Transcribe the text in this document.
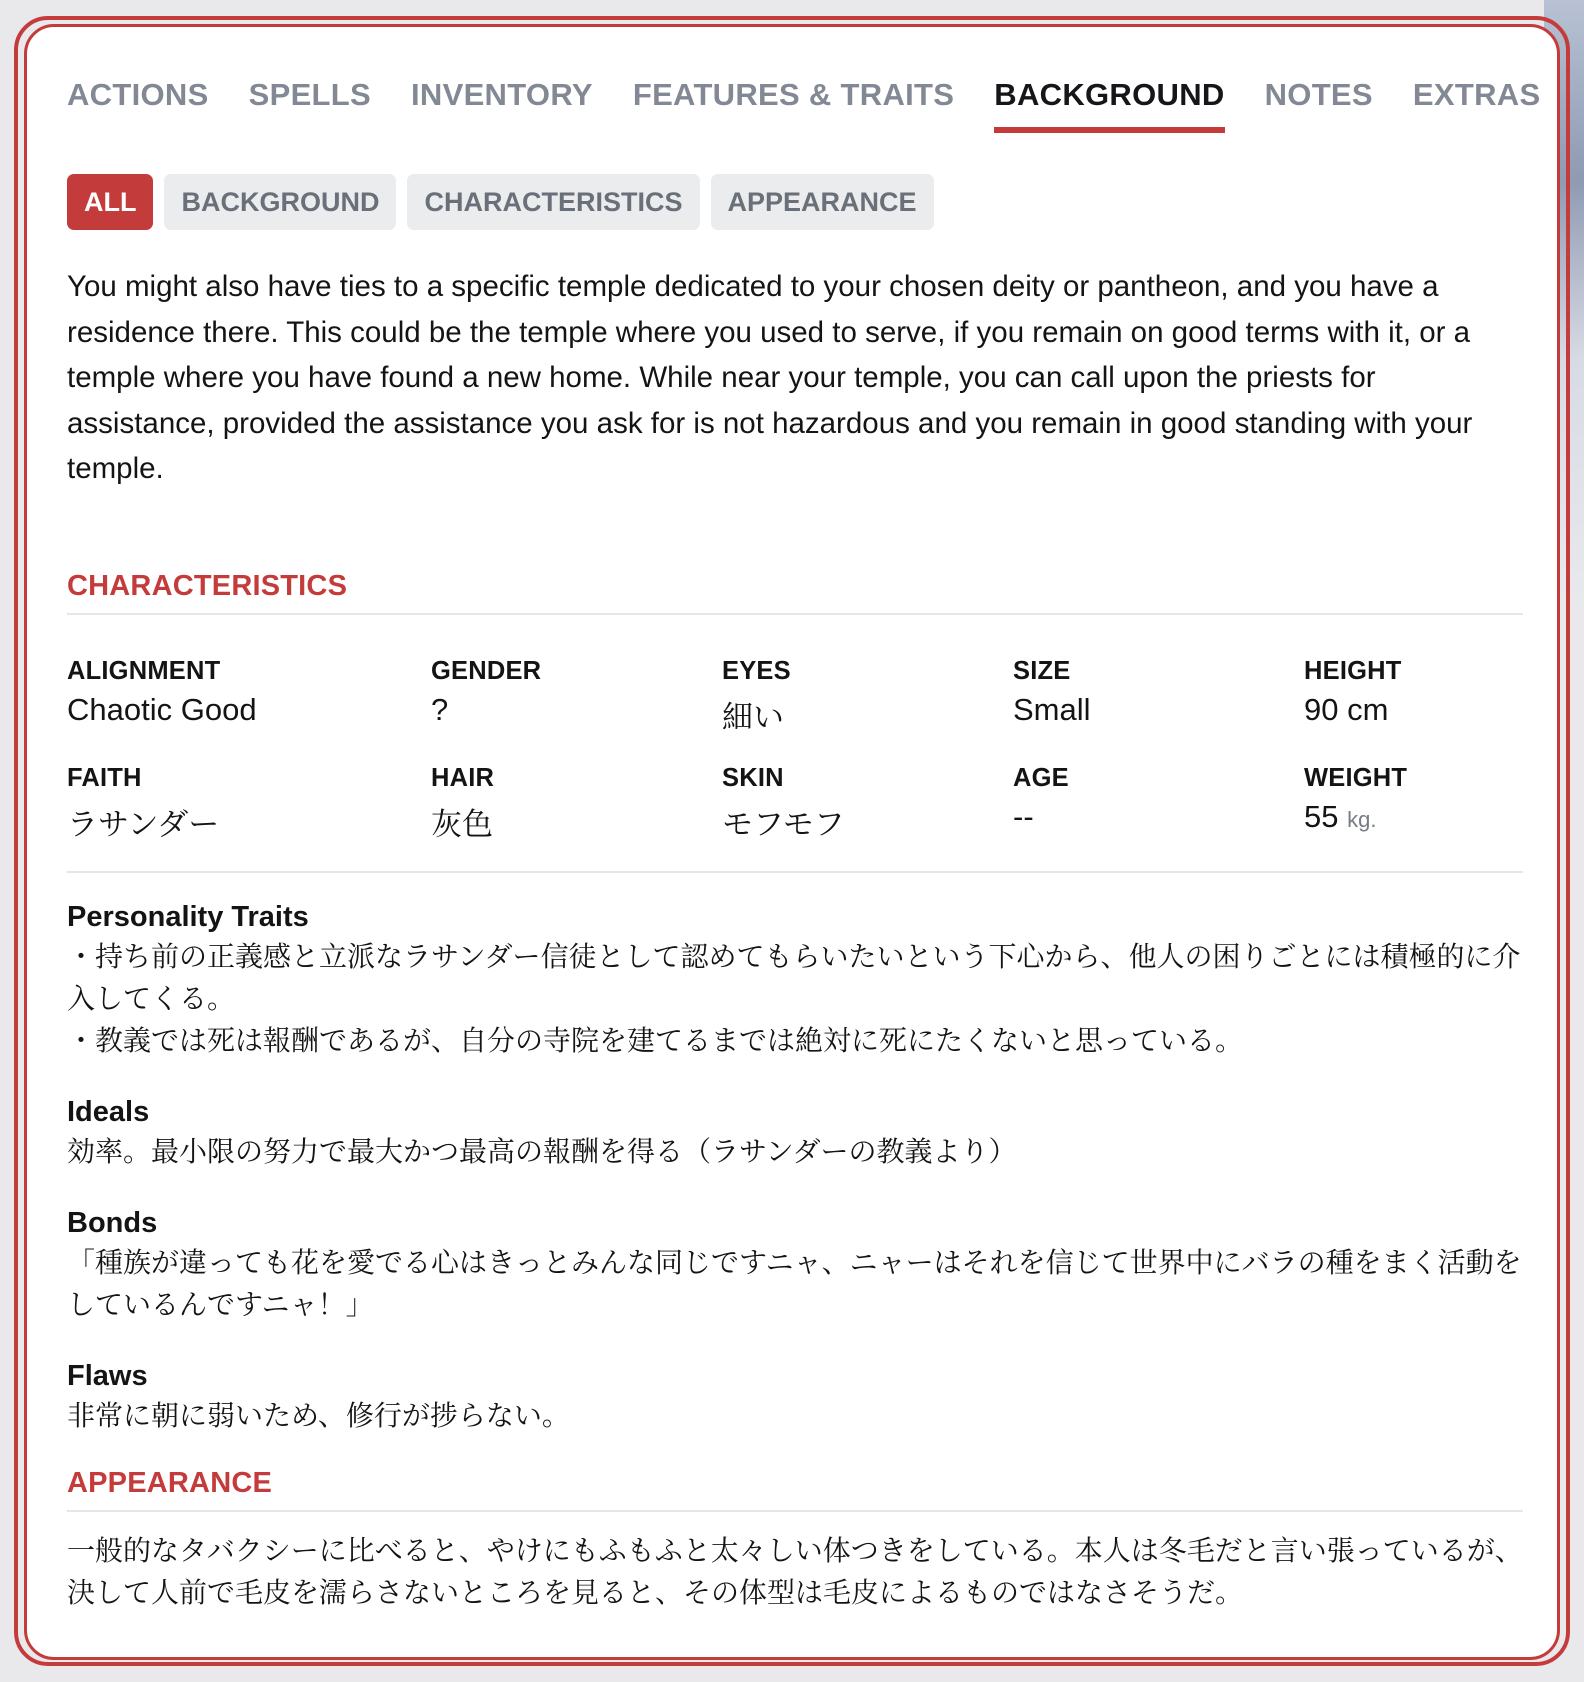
ACTIONS SPELLS INVENTORY FEATURES & TRAITS BACKGROUND NOTES EXTRAS
ALL	BACKGROUND	CHARACTERISTICS	APPEARANCE
You might also have ties to a specific temple dedicated to your chosen deity or pantheon, and you have a residence there. This could be the temple where you used to serve, if you remain on good terms with it, or a temple where you have found a new home. While near your temple, you can call upon the priests for assistance, provided the assistance you ask for is not hazardous and you remain in good standing with your temple.
CHARACTERISTICS
ALIGNMENT
Chaotic Good
GENDER
?
EYES
細い
SIZE
Small
HEIGHT
90 cm
FAITH
ラサンダー
HAIR
灰色
SKIN
モフモフ
AGE
--
WEIGHT
55 kg.
Personality Traits
・持ち前の正義感と立派なラサンダー信徒として認めてもらいたいという下心から、他人の困りごとには積極的に介入してくる。
・教義では死は報酬であるが、自分の寺院を建てるまでは絶対に死にたくないと思っている。
Ideals
効率。最小限の努力で最大かつ最高の報酬を得る（ラサンダーの教義より）
Bonds
「種族が違っても花を愛でる心はきっとみんな同じですニャ、ニャーはそれを信じて世界中にバラの種をまく活動をしているんですニャ！」
Flaws
非常に朝に弱いため、修行が捗らない。
APPEARANCE
一般的なタバクシーに比べると、やけにもふもふと太々しい体つきをしている。本人は冬毛だと言い張っているが、決して人前で毛皮を濡らさないところを見ると、その体型は毛皮によるものではなさそうだ。
